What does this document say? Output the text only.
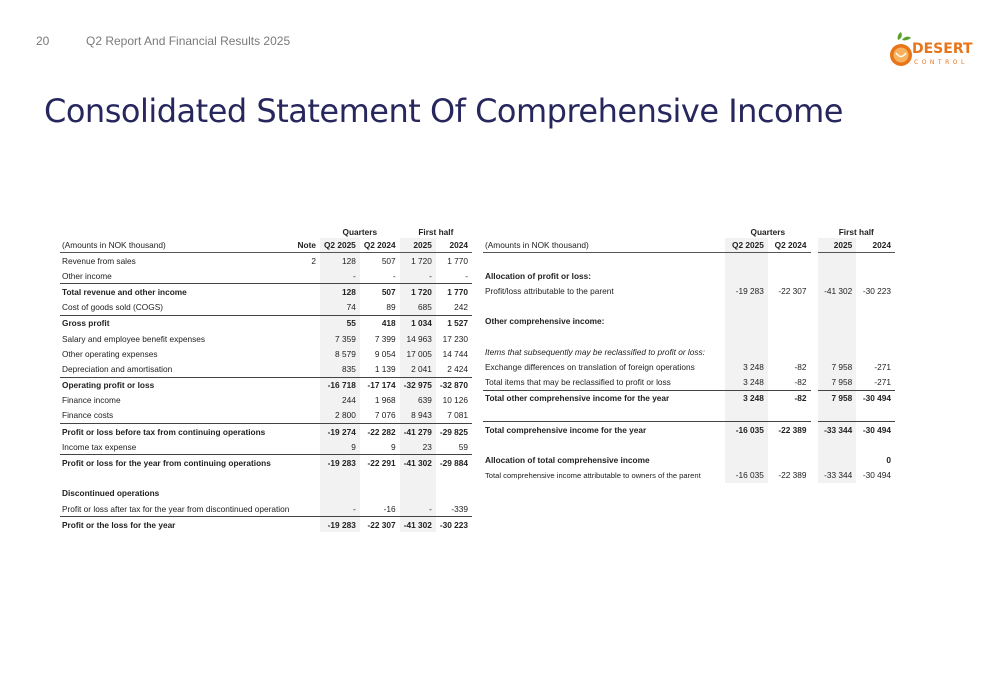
20	Q2 Report And Financial Results 2025	DESERT
CONTROL
Consolidated Statement Of Comprehensive Income
		Quarters		First half	
(Amounts in NOK thousand)	Note	Q2 2025	Q2 2024		2025	2024
Revenue from sales	2	128	507		1 720	1 770
Other income		-	-		-	-
Total revenue and other income		128	507		1 720	1 770
Cost of goods sold (COGS)		74	89		685	242
Gross profit		55	418		1 034	1 527
Salary and employee benefit expenses		7 359	7 399		14 963	17 230
Other operating expenses		8 579	9 054		17 005	14 744
Depreciation and amortisation		835	1 139		2 041	2 424
Operating profit or loss		-16 718	-17 174		-32 975	-32 870
Finance income		244	1 968		639	10 126
Finance costs		2 800	7 076		8 943	7 081
Profit or loss before tax from continuing operations		-19 274	-22 282		-41 279	-29 825
Income tax expense		9	9		23	59
Profit or loss for the year from continuing operations		-19 283	-22 291		-41 302	-29 884

Discontinued operations						
Profit or loss after tax for the year from discontinued operation		-	-16		-	-339
Profit or the loss for the year		-19 283	-22 307		-41 302	-30 223
	Quarters			First half	
(Amounts in NOK thousand)	Q2 2025	Q2 2024		2025	2024

Allocation of profit or loss:					
Profit/loss attributable to the parent	-19 283	-22 307		-41 302	-30 223

Other comprehensive income:					

Items that subsequently may be reclassified to profit or loss:					
Exchange differences on translation of foreign operations	3 248	-82		7 958	-271
Total items that may be reclassified to profit or loss	3 248	-82		7 958	-271
Total other comprehensive income for the year	3 248	-82		7 958	-30 494

Total comprehensive income for the year	-16 035	-22 389		-33 344	-30 494

Allocation of total comprehensive income					0
Total comprehensive income attributable to owners of the parent	-16 035	-22 389		-33 344	-30 494
